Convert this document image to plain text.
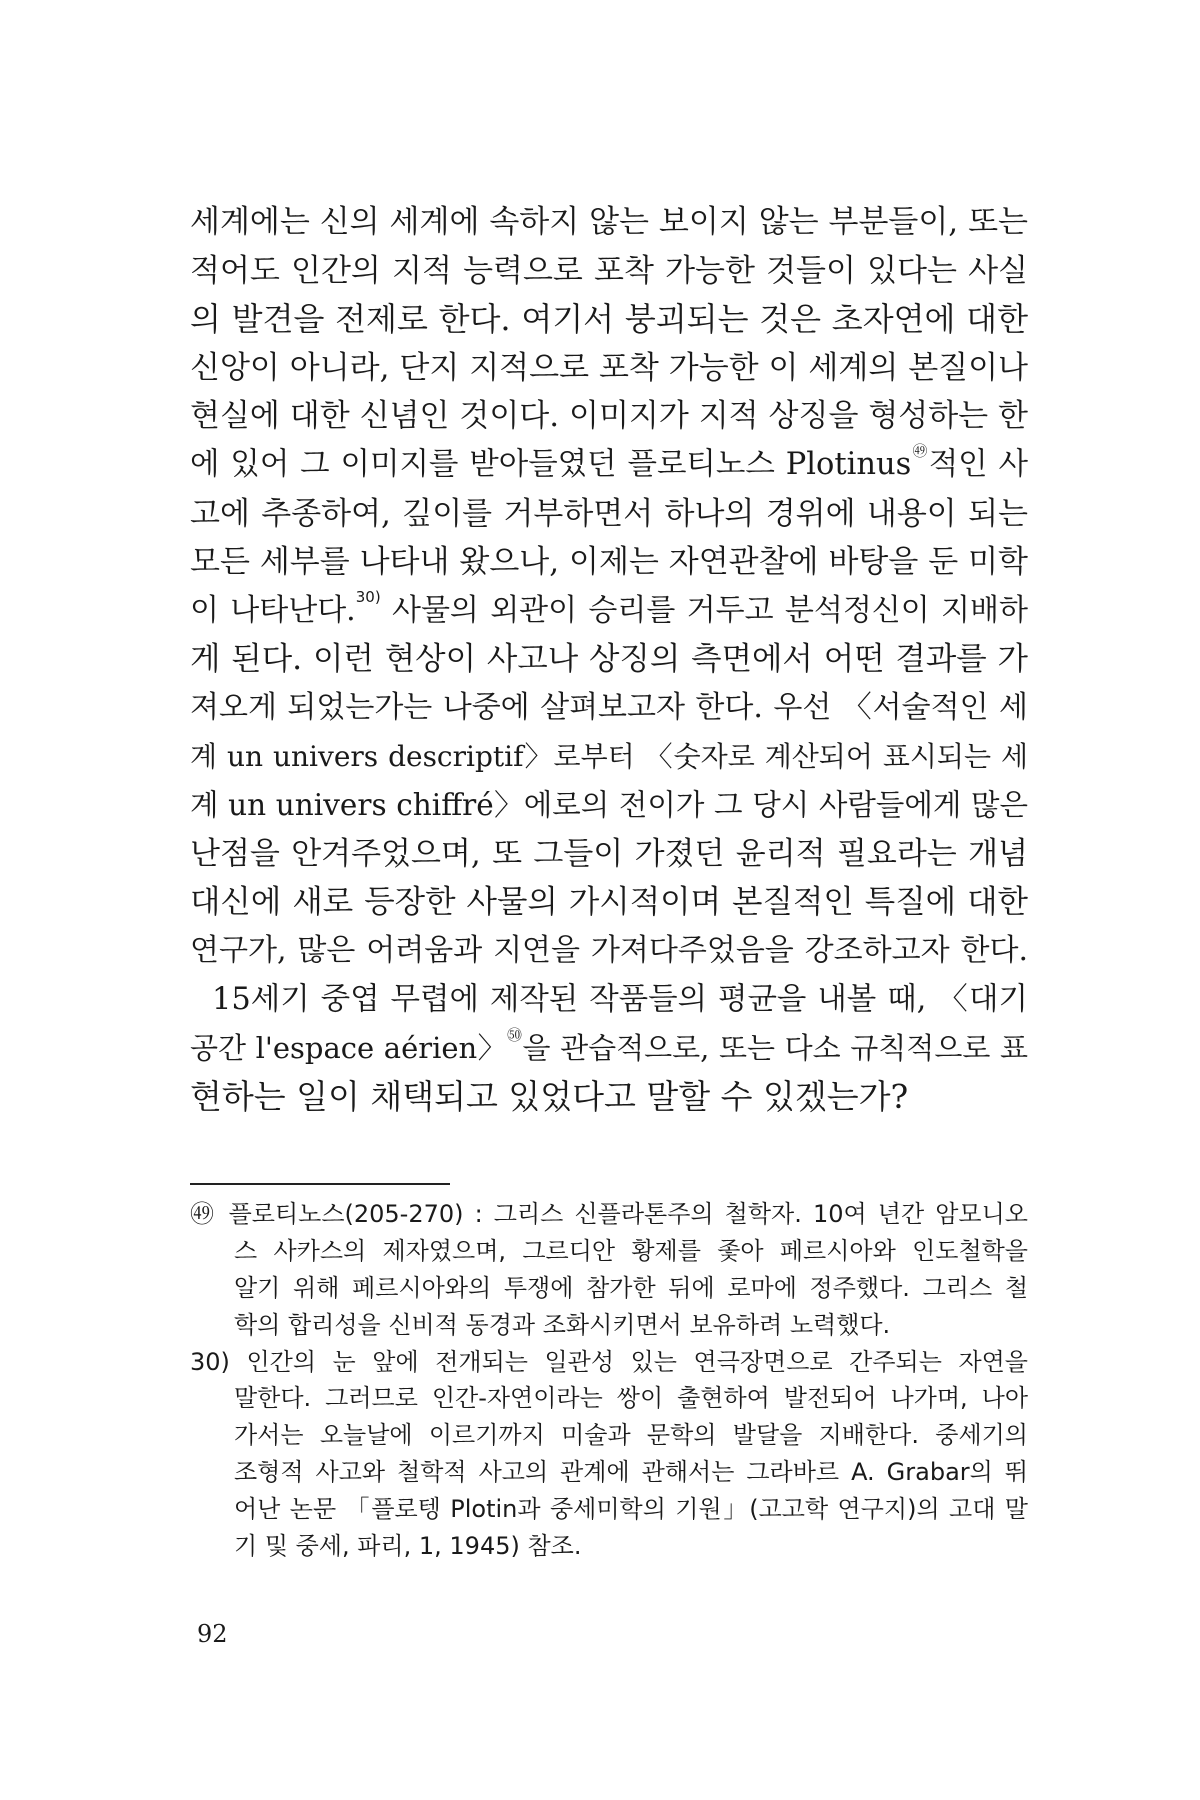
세계에는 신의 세계에 속하지 않는 보이지 않는 부분들이, 또는
적어도 인간의 지적 능력으로 포착 가능한 것들이 있다는 사실
의 발견을 전제로 한다. 여기서 붕괴되는 것은 초자연에 대한
신앙이 아니라, 단지 지적으로 포착 가능한 이 세계의 본질이나
현실에 대한 신념인 것이다. 이미지가 지적 상징을 형성하는 한
에 있어 그 이미지를 받아들였던 플로티노스 Plotinus$^㊾$적인 사
고에 추종하여, 깊이를 거부하면서 하나의 경위에 내용이 되는
모든 세부를 나타내 왔으나, 이제는 자연관찰에 바탕을 둔 미학
이 나타난다.$^{30)}$ 사물의 외관이 승리를 거두고 분석정신이 지배하
게 된다. 이런 현상이 사고나 상징의 측면에서 어떤 결과를 가
져오게 되었는가는 나중에 살펴보고자 한다. 우선 〈서술적인 세
계 un univers descriptif〉로부터 〈숫자로 계산되어 표시되는 세
계 un univers chiffré〉에로의 전이가 그 당시 사람들에게 많은
난점을 안겨주었으며, 또 그들이 가졌던 윤리적 필요라는 개념
대신에 새로 등장한 사물의 가시적이며 본질적인 특질에 대한
연구가, 많은 어려움과 지연을 가져다주었음을 강조하고자 한다.
15세기 중엽 무렵에 제작된 작품들의 평균을 내볼 때, 〈대기
공간 l'espace aérien〉$^㊿$을 관습적으로, 또는 다소 규칙적으로 표
현하는 일이 채택되고 있었다고 말할 수 있겠는가?
㊾ 플로티노스(205-270) : 그리스 신플라톤주의 철학자. 10여 년간 암모니오
스 사카스의 제자였으며, 그르디안 황제를 좇아 페르시아와 인도철학을
알기 위해 페르시아와의 투쟁에 참가한 뒤에 로마에 정주했다. 그리스 철
학의 합리성을 신비적 동경과 조화시키면서 보유하려 노력했다.
30) 인간의 눈 앞에 전개되는 일관성 있는 연극장면으로 간주되는 자연을
말한다. 그러므로 인간-자연이라는 쌍이 출현하여 발전되어 나가며, 나아
가서는 오늘날에 이르기까지 미술과 문학의 발달을 지배한다. 중세기의
조형적 사고와 철학적 사고의 관계에 관해서는 그라바르 A. Grabar의 뛰
어난 논문 「플로텡 Plotin과 중세미학의 기원」(고고학 연구지)의 고대 말
기 및 중세, 파리, 1, 1945) 참조.
92
